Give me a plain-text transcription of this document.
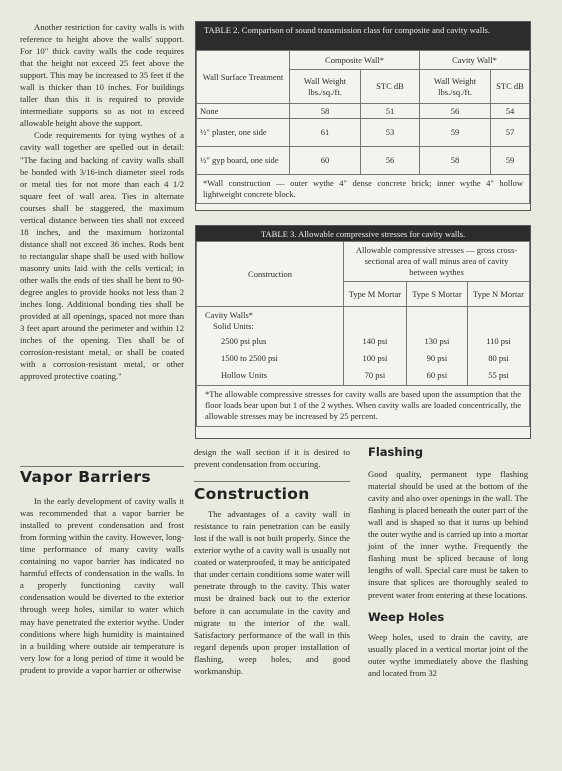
Another restriction for cavity walls is with reference to height above the walls' support. For 10" thick cavity walls the code requires that the height not exceed 25 feet above the support. This may be increased to 35 feet if the wall is thicker than 10 inches. For buildings taller than this it is required to provide intermediate supports so as not to exceed allowable height above the support.

Code requirements for tying wythes of a cavity wall together are spelled out in detail: "The facing and backing of cavity walls shall be bonded with 3/16-inch diameter steel rods or metal ties for not more than each 4 1/2 square feet of wall area. Ties in alternate courses shall be staggered, the maximum vertical distance between ties shall not exceed 18 inches, and the maximum horizontal distance shall not exceed 36 inches. Rods bent to rectangular shape shall be used with hollow masonry units laid with the cells vertical; in other walls the ends of ties shall be bent to 90-degree angles to provide hooks not less than 2 inches long. Additional bonding ties shall be provided at all openings, spaced not more than 3 feet apart around the perimeter and within 12 inches of the opening. Ties shall be of corrosion-resistant metal, or shall be coated with a corrosion-resistant metal, or other approved protective coating."

Vapor Barriers

In the early development of cavity walls it was recommended that a vapor barrier be installed to prevent condensation and frost from forming within the cavity. However, long-time performance of many cavity walls containing no vapor barrier has indicated no harmful effects of condensation in the walls. In a properly functioning cavity wall condensation would be diverted to the exterior through weep holes, similar to water which may have penetrated the exterior wythe. Under conditions where high humidity is maintained in a building where outside air temperature is very low for a long period of time it would be prudent to provide a vapor barrier or otherwise

design the wall section if it is desired to prevent condensation from occuring.

Construction

The advantages of a cavity wall in resistance to rain penetration can be easily lost if the wall is not built properly. Since the exterior wythe of a cavity wall is usually not coated or waterproofed, it may be anticipated that under certain conditions some water will penetrate through to the cavity. This water must be drained back out to the exterior before it can accumulate in the cavity and migrate to the interior of the wall. Satisfactory performance of the wall in this regard depends upon proper installation of flashing, weep holes, and good workmanship.

Flashing

Good quality, permanent type flashing material should be used at the bottom of the cavity and also over openings in the wall. The flashing is placed beneath the outer part of the wall and is shaped so that it turns up behind the outer wythe and is carried up into a mortar joint of the inner wythe. Frequently the flashing must be spliced because of long lengths of wall. Special care must be taken to insure that splices are thoroughly sealed to prevent water from entering at these locations.

Weep Holes

Weep holes, used to drain the cavity, are usually placed in a vertical mortar joint of the outer wythe immediately above the flashing and located from 32

TABLE 2. Comparison of sound transmission class for composite and cavity walls.
Wall Surface Treatment	Composite Wall*		Cavity Wall*	
	Wall Weight lbs./sq./ft.	STC dB	Wall Weight lbs./sq./ft.	STC dB
None	58	51	56	54
½" plaster, one side	61	53	59	57
½" gyp board, one side	60	56	58	59
*Wall construction — outer wythe 4" dense concrete brick; inner wythe 4" hollow lightweight concrete block.				
TABLE 3. Allowable compressive stresses for cavity walls.
Construction	Allowable compressive stresses — gross cross-sectional area of wall minus area of cavity between wythes		
	Type M Mortar	Type S Mortar	Type N Mortar

Cavity Walls*
Solid Units:			

2500 psi plus	140 psi	130 psi	110 psi
1500 to 2500 psi	100 psi	90 psi	80 psi
Hollow Units	70 psi	60 psi	55 psi
*The allowable compressive stresses for cavity walls are based upon the assumption that the floor loads bear upon but 1 of the 2 wythes. When cavity walls are loaded concentrically, the allowable stresses may be increased by 25 percent.			
